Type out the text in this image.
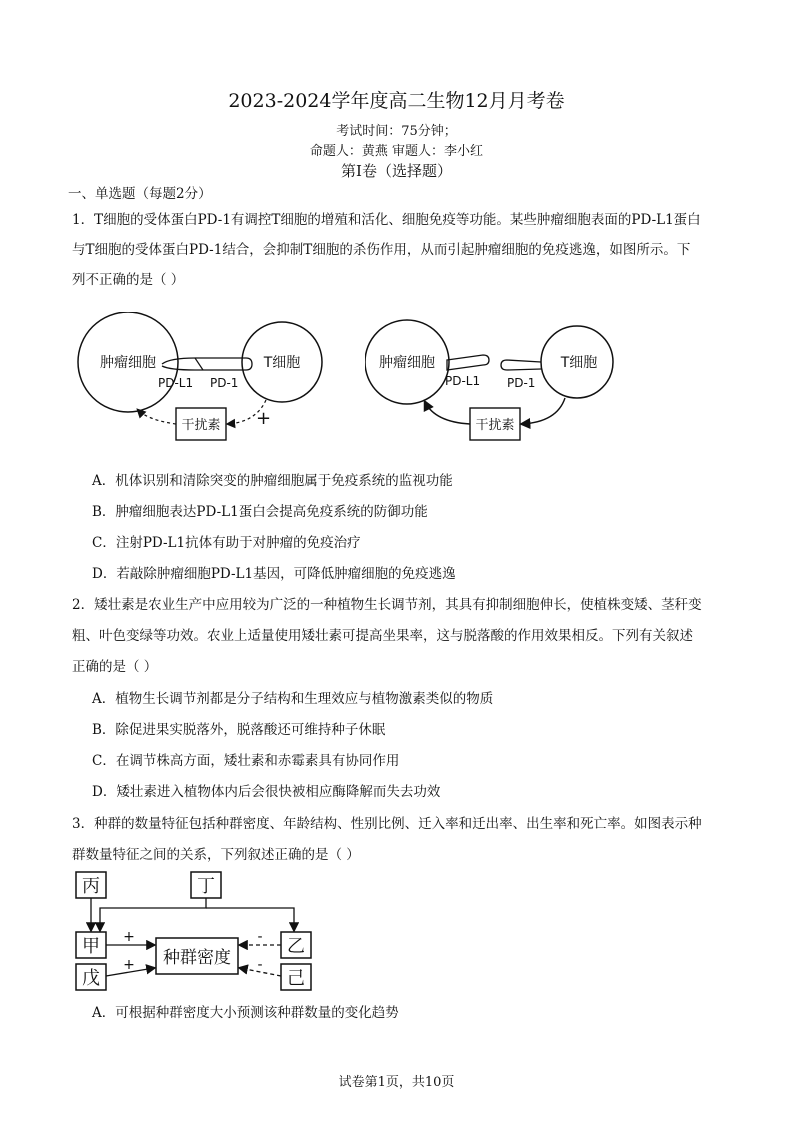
2023-2024学年度高二生物12月月考卷
考试时间：75分钟；
命题人：黄燕 审题人：李小红
第I卷（选择题）
一、单选题（每题2分）
1．T细胞的受体蛋白PD-1有调控T细胞的增殖和活化、细胞免疫等功能。某些肿瘤细胞表面的PD-L1蛋白
与T细胞的受体蛋白PD-1结合，会抑制T细胞的杀伤作用，从而引起肿瘤细胞的免疫逃逸，如图所示。下
列不正确的是（ ）
肿瘤细胞	T细胞
PD-L1 PD-1
干扰素 +
肿瘤细胞	T细胞
PD-L1 PD-1
干扰素
A．机体识别和清除突变的肿瘤细胞属于免疫系统的监视功能
B．肿瘤细胞表达PD-L1蛋白会提高免疫系统的防御功能
C．注射PD-L1抗体有助于对肿瘤的免疫治疗
D．若敲除肿瘤细胞PD-L1基因，可降低肿瘤细胞的免疫逃逸
2．矮壮素是农业生产中应用较为广泛的一种植物生长调节剂，其具有抑制细胞伸长，使植株变矮、茎秆变
粗、叶色变绿等功效。农业上适量使用矮壮素可提高坐果率，这与脱落酸的作用效果相反。下列有关叙述
正确的是（ ）
A．植物生长调节剂都是分子结构和生理效应与植物激素类似的物质
B．除促进果实脱落外，脱落酸还可维持种子休眠
C．在调节株高方面，矮壮素和赤霉素具有协同作用
D．矮壮素进入植物体内后会很快被相应酶降解而失去功效
3．种群的数量特征包括种群密度、年龄结构、性别比例、迁入率和迁出率、出生率和死亡率。如图表示种
群数量特征之间的关系，下列叙述正确的是（ ）
丙	丁
甲
戊
种群密度
乙
己
+
+
-
-
A．可根据种群密度大小预测该种群数量的变化趋势
试卷第1页，共10页
